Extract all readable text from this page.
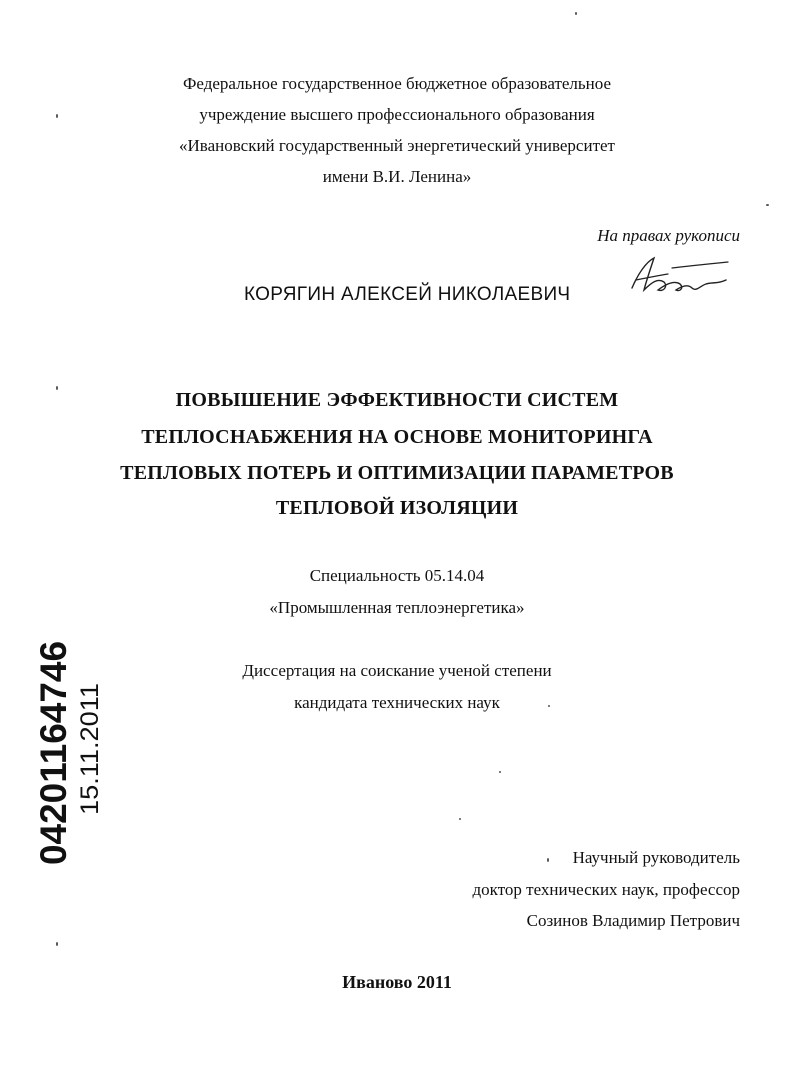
Федеральное государственное бюджетное образовательное
учреждение высшего профессионального образования
«Ивановский государственный энергетический университет
имени В.И. Ленина»
На правах рукописи
КОРЯГИН АЛЕКСЕЙ НИКОЛАЕВИЧ
ПОВЫШЕНИЕ ЭФФЕКТИВНОСТИ СИСТЕМ
ТЕПЛОСНАБЖЕНИЯ НА ОСНОВЕ МОНИТОРИНГА
ТЕПЛОВЫХ ПОТЕРЬ И ОПТИМИЗАЦИИ ПАРАМЕТРОВ
ТЕПЛОВОЙ ИЗОЛЯЦИИ
Специальность 05.14.04
«Промышленная теплоэнергетика»
Диссертация на соискание ученой степени
кандидата технических наук
Научный руководитель
доктор технических наук, профессор
Созинов Владимир Петрович
Иваново 2011
04201164746 15.11.2011
